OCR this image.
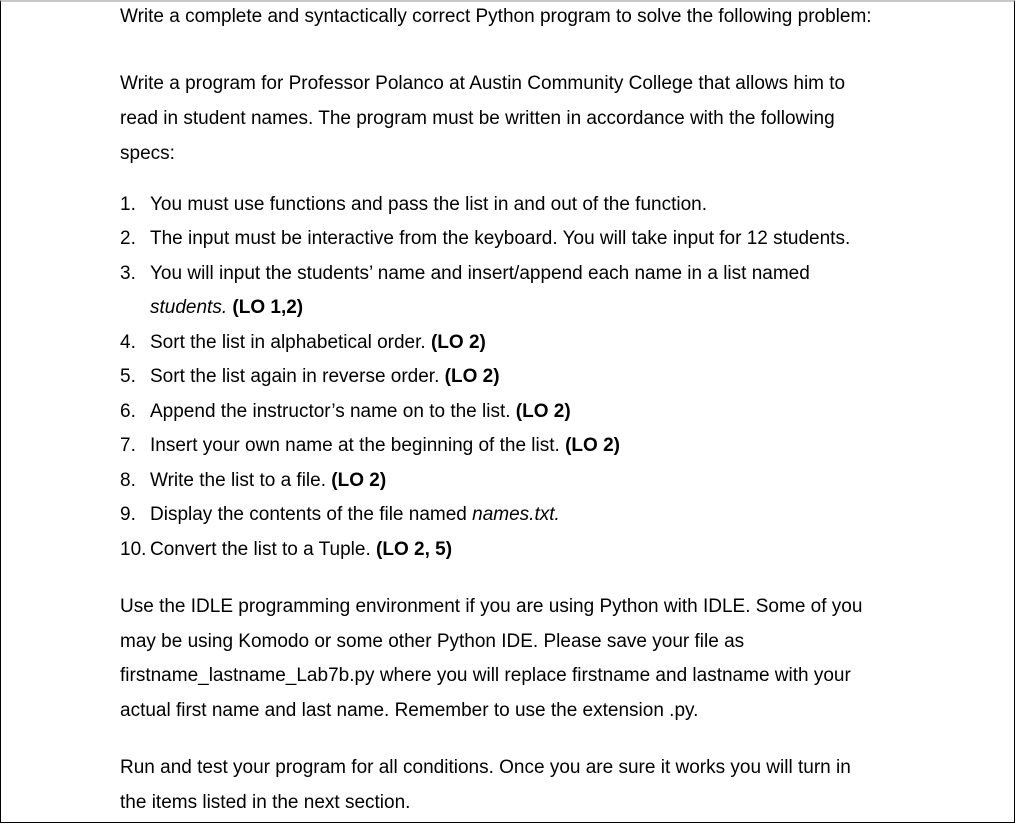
Write a complete and syntactically correct Python program to solve the following problem:
Write a program for Professor Polanco at Austin Community College that allows him to
read in student names. The program must be written in accordance with the following
specs:
1. You must use functions and pass the list in and out of the function.
2. The input must be interactive from the keyboard. You will take input for 12 students.
3. You will input the students’ name and insert/append each name in a list named
students. (LO 1,2)
4. Sort the list in alphabetical order. (LO 2)
5. Sort the list again in reverse order. (LO 2)
6. Append the instructor’s name on to the list. (LO 2)
7. Insert your own name at the beginning of the list. (LO 2)
8. Write the list to a file. (LO 2)
9. Display the contents of the file named names.txt.
10. Convert the list to a Tuple. (LO 2, 5)
Use the IDLE programming environment if you are using Python with IDLE. Some of you
may be using Komodo or some other Python IDE. Please save your file as
firstname_lastname_Lab7b.py where you will replace firstname and lastname with your
actual first name and last name. Remember to use the extension .py.
Run and test your program for all conditions. Once you are sure it works you will turn in
the items listed in the next section.
